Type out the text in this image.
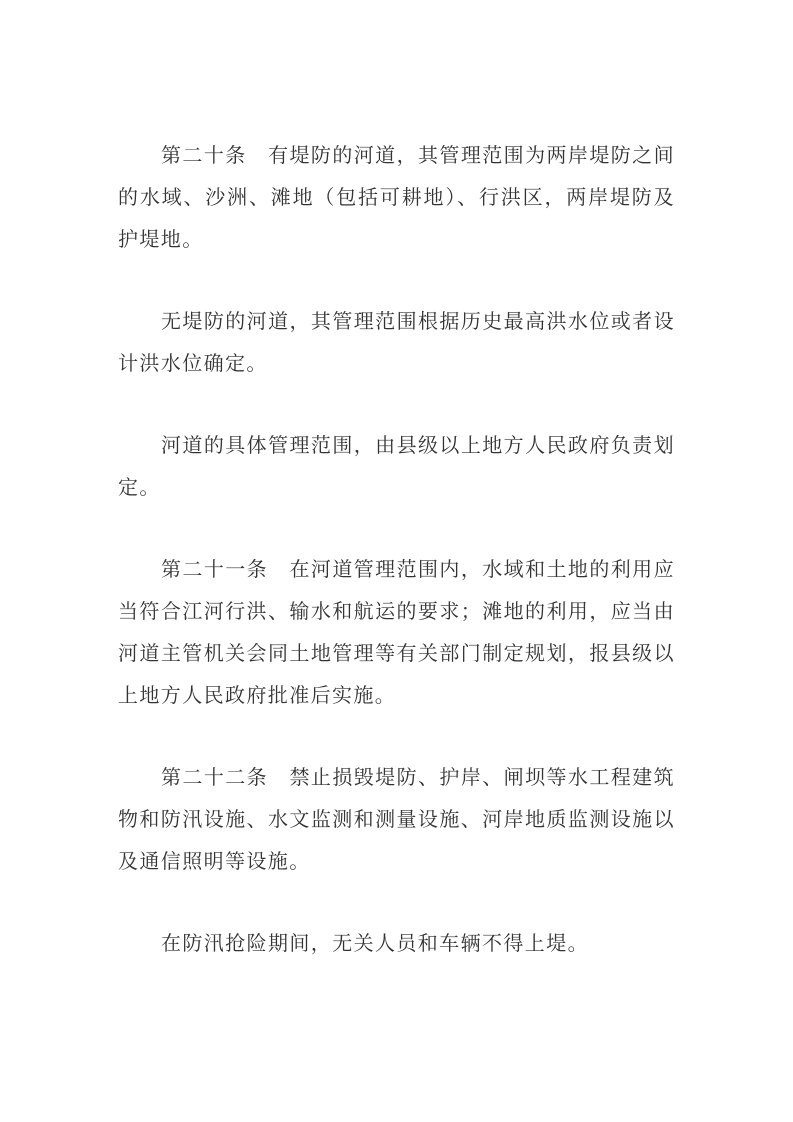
第二十条　有堤防的河道，其管理范围为两岸堤防之间的水域、沙洲、滩地（包括可耕地）、行洪区，两岸堤防及护堤地。

无堤防的河道，其管理范围根据历史最高洪水位或者设计洪水位确定。

河道的具体管理范围，由县级以上地方人民政府负责划定。

第二十一条　在河道管理范围内，水域和土地的利用应当符合江河行洪、输水和航运的要求；滩地的利用，应当由河道主管机关会同土地管理等有关部门制定规划，报县级以上地方人民政府批准后实施。

第二十二条　禁止损毁堤防、护岸、闸坝等水工程建筑物和防汛设施、水文监测和测量设施、河岸地质监测设施以及通信照明等设施。

在防汛抢险期间，无关人员和车辆不得上堤。
